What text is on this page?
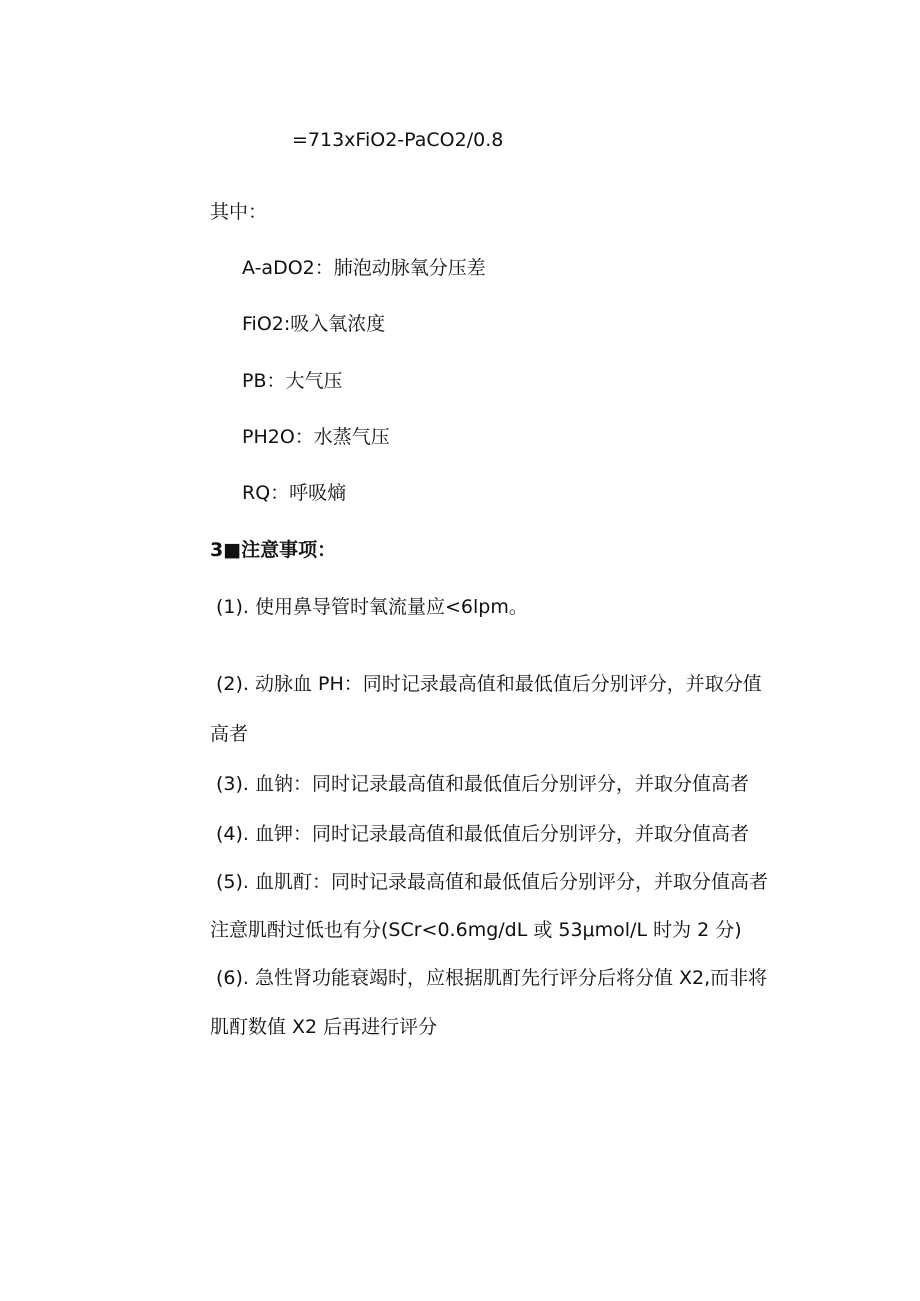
=713xFiO2-PaCO2/0.8
其中：
A-aDO2：肺泡动脉氧分压差
FiO2:吸入氧浓度
PB：大气压
PH2O：水蒸气压
RQ：呼吸熵
3■注意事项：
(1). 使用鼻导管时氧流量应<6lpm。
(2). 动脉血 PH：同时记录最高值和最低值后分别评分，并取分值
高者
(3). 血钠：同时记录最高值和最低值后分别评分，并取分值高者
(4). 血钾：同时记录最高值和最低值后分别评分，并取分值高者
(5). 血肌酊：同时记录最高值和最低值后分别评分，并取分值高者
注意肌酎过低也有分(SCr<0.6mg/dL 或 53μmol/L 时为 2 分)
(6). 急性肾功能衰竭时，应根据肌酊先行评分后将分值 X2,而非将
肌酊数值 X2 后再进行评分
